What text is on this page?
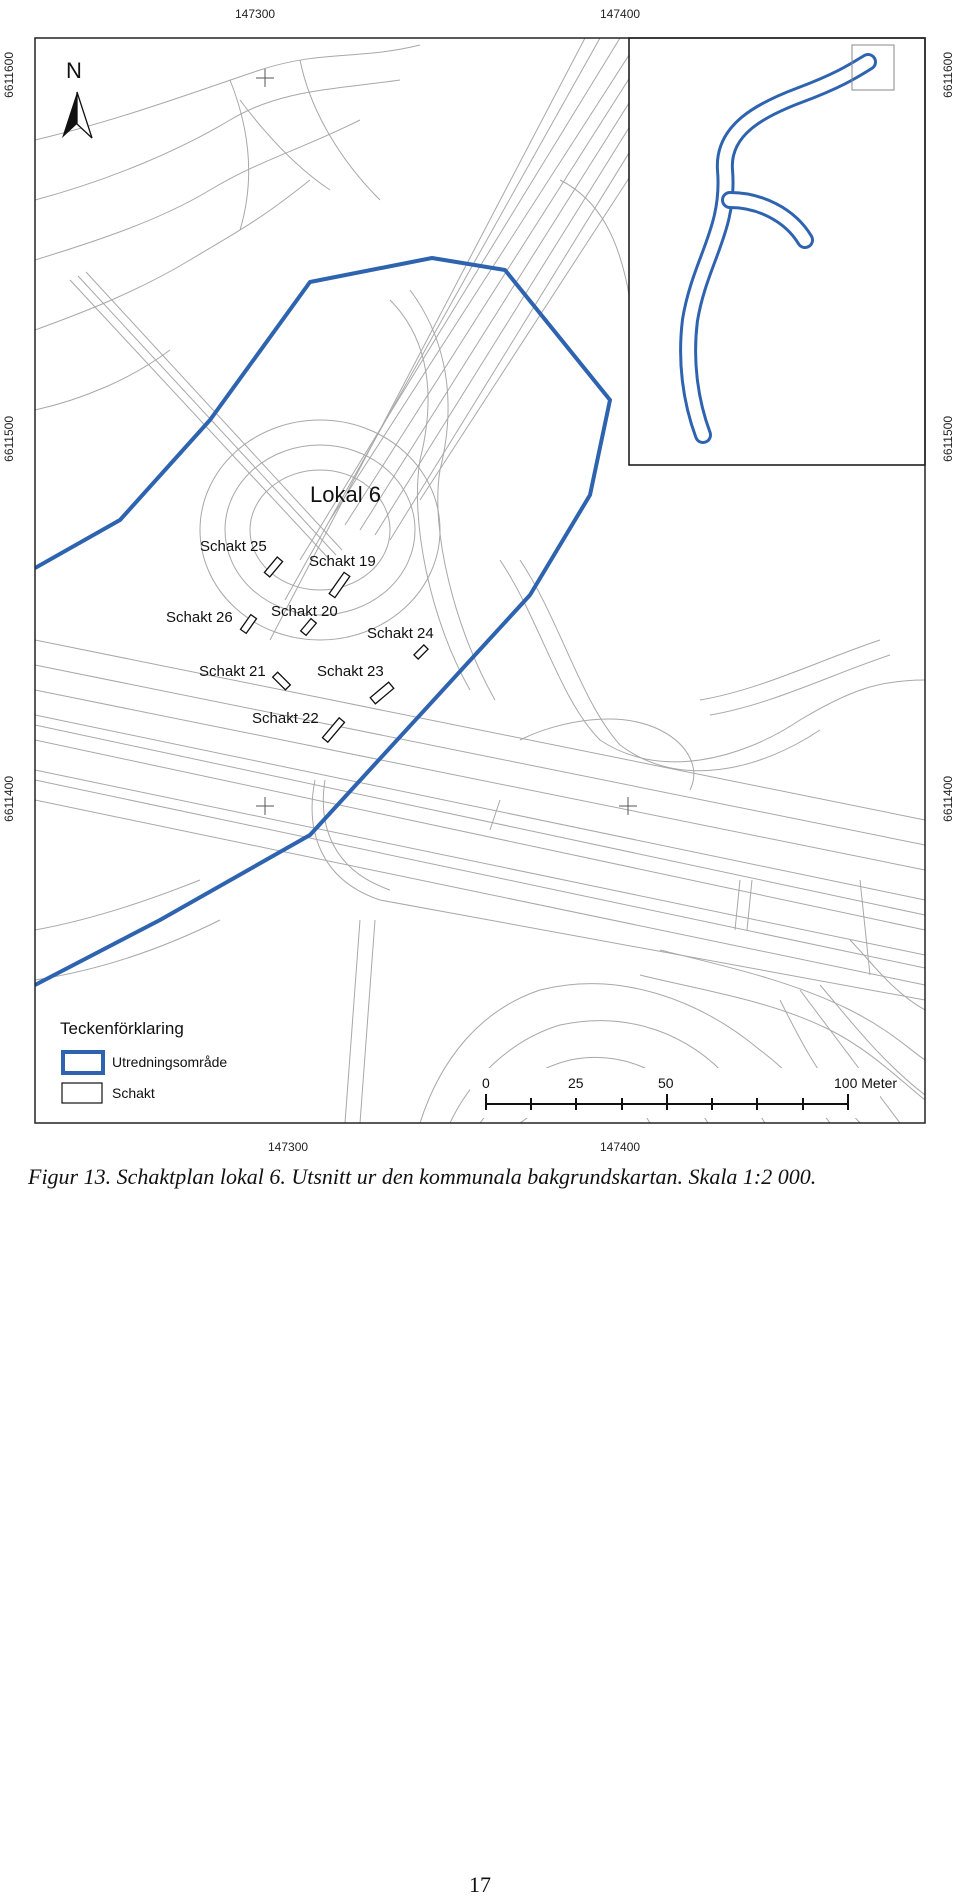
147300	147400
147300	147400
6611600
6611500
6611400
6611600
6611500
6611400
Lokal 6
Schakt 25
Schakt 19
Schakt 26	Schakt 20
Schakt 24
Schakt 21	Schakt 23
Schakt 22
N
Teckenförklaring
Utredningsområde
Schakt
0	25	50	100 Meter
Figur 13. Schaktplan lokal 6. Utsnitt ur den kommunala bakgrundskartan. Skala 1:2 000.
17
